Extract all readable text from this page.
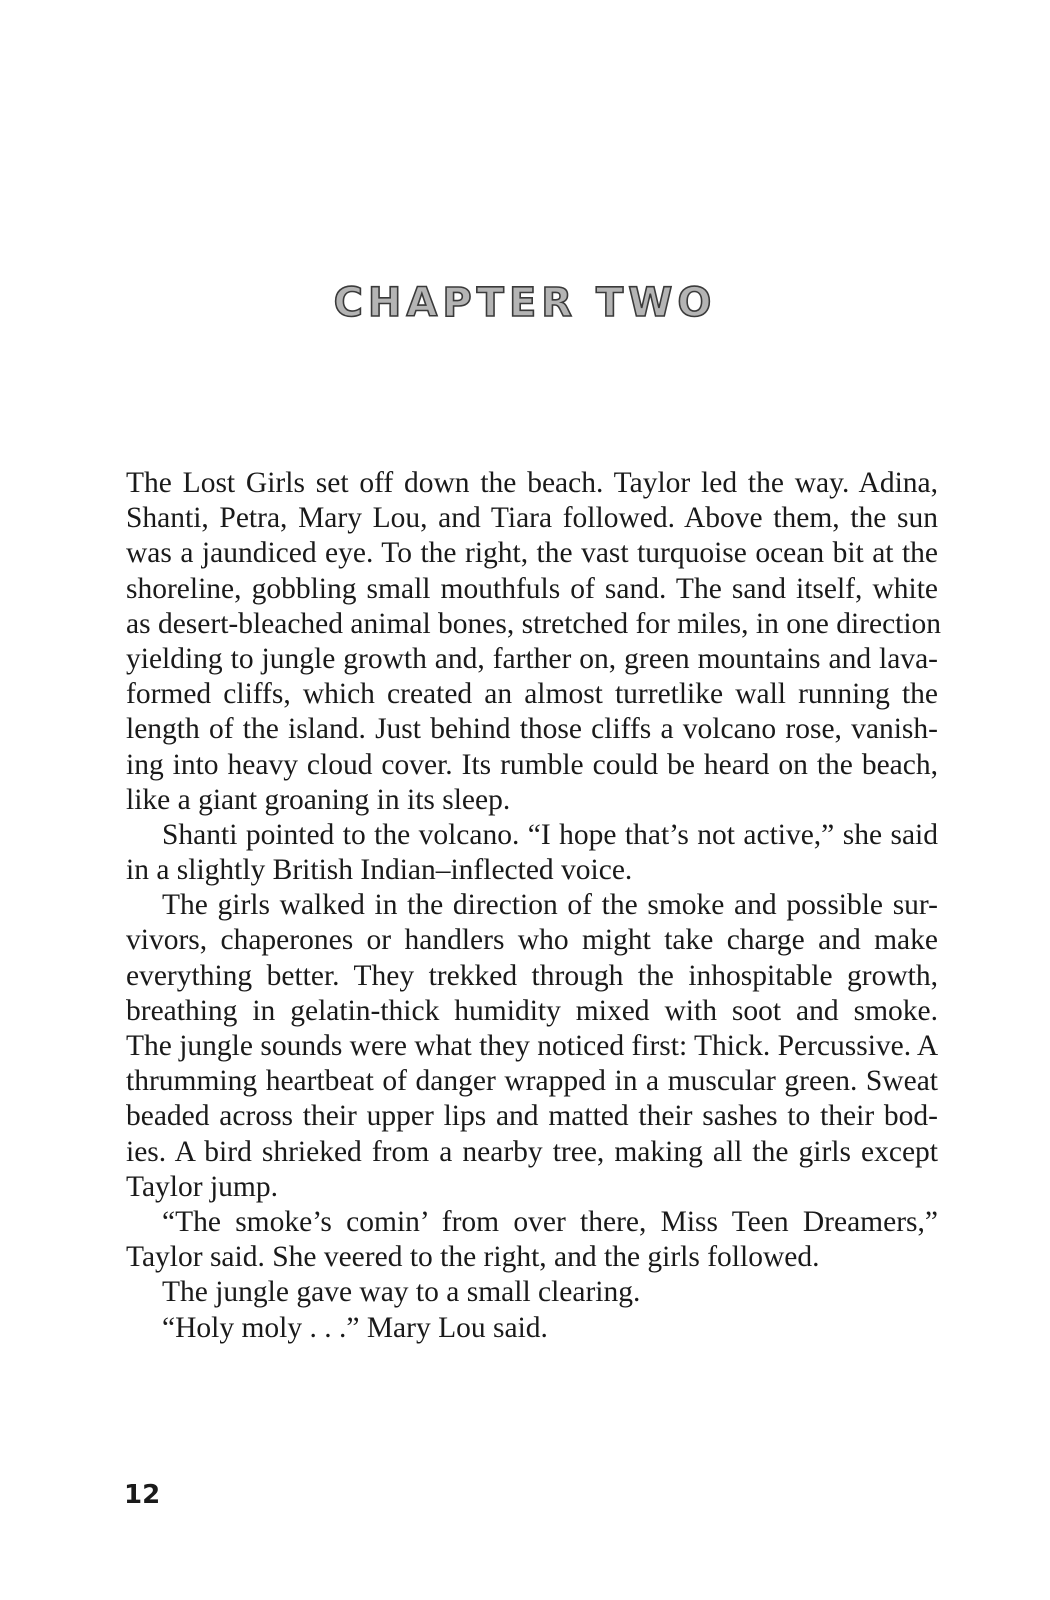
CHAPTER TWO
The Lost Girls set off down the beach. Taylor led the way. Adina,
Shanti, Petra, Mary Lou, and Tiara followed. Above them, the sun
was a jaundiced eye. To the right, the vast turquoise ocean bit at the
shoreline, gobbling small mouthfuls of sand. The sand itself, white
as desert-bleached animal bones, stretched for miles, in one direction
yielding to jungle growth and, farther on, green mountains and lava-
formed cliffs, which created an almost turretlike wall running the
length of the island. Just behind those cliffs a volcano rose, vanish-
ing into heavy cloud cover. Its rumble could be heard on the beach,
like a giant groaning in its sleep.
Shanti pointed to the volcano. “I hope that’s not active,” she said
in a slightly British Indian–inflected voice.
The girls walked in the direction of the smoke and possible sur-
vivors, chaperones or handlers who might take charge and make
everything better. They trekked through the inhospitable growth,
breathing in gelatin-thick humidity mixed with soot and smoke.
The jungle sounds were what they noticed first: Thick. Percussive. A
thrumming heartbeat of danger wrapped in a muscular green. Sweat
beaded across their upper lips and matted their sashes to their bod-
ies. A bird shrieked from a nearby tree, making all the girls except
Taylor jump.
“The smoke’s comin’ from over there, Miss Teen Dreamers,”
Taylor said. She veered to the right, and the girls followed.
The jungle gave way to a small clearing.
“Holy moly . . .” Mary Lou said.
12
